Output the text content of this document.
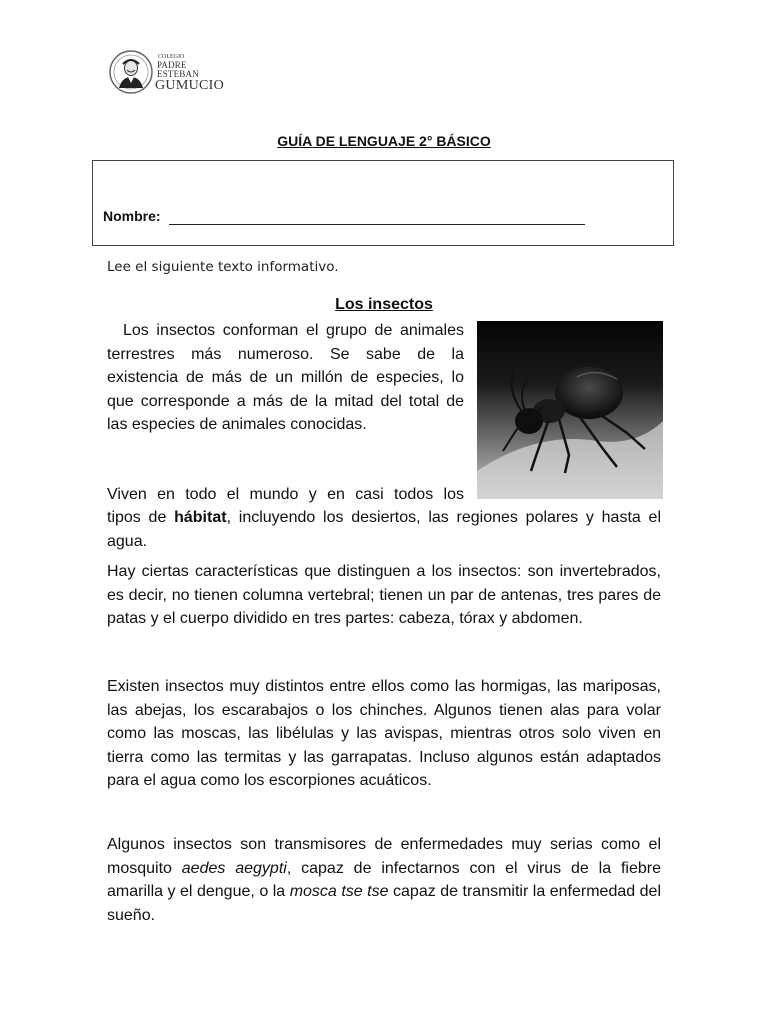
COLEGIO
PADRE ESTEBAN
GUMUCIO
GUÍA DE LENGUAJE 2° BÁSICO
Nombre:

Lee el siguiente texto informativo.

Los insectos

Los insectos conforman el grupo de animales terrestres más numeroso. Se sabe de la existencia de más de un millón de especies, lo que corresponde a más de la mitad del total de las especies de animales conocidas.

Viven en todo el mundo y en casi todos los

tipos de hábitat, incluyendo los desiertos, las regiones polares y hasta el agua.

Hay ciertas características que distinguen a los insectos: son invertebrados, es decir, no tienen columna vertebral; tienen un par de antenas, tres pares de patas y el cuerpo dividido en tres partes: cabeza, tórax y abdomen.

Existen insectos muy distintos entre ellos como las hormigas, las mariposas, las abejas, los escarabajos o los chinches. Algunos tienen alas para volar como las moscas, las libélulas y las avispas, mientras otros solo viven en tierra como las termitas y las garrapatas. Incluso algunos están adaptados para el agua como los escorpiones acuáticos.

Algunos insectos son transmisores de enfermedades muy serias como el mosquito aedes aegypti, capaz de infectarnos con el virus de la fiebre amarilla y el dengue, o la mosca tse tse capaz de transmitir la enfermedad del sueño.
